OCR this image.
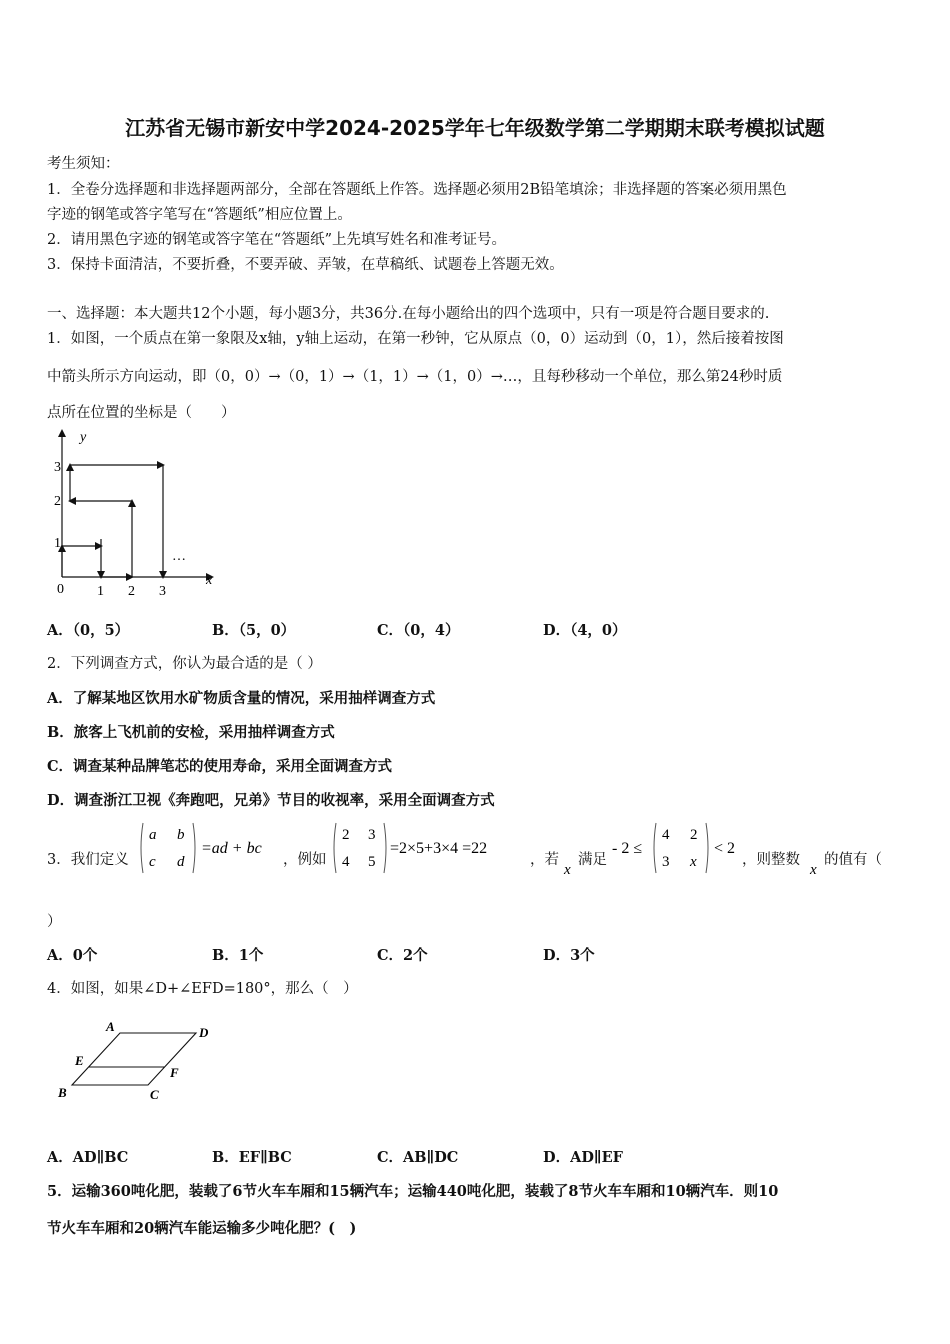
江苏省无锡市新安中学2024-2025学年七年级数学第二学期期末联考模拟试题
考生须知：
1．全卷分选择题和非选择题两部分，全部在答题纸上作答。选择题必须用2B铅笔填涂；非选择题的答案必须用黑色
字迹的钢笔或答字笔写在“答题纸”相应位置上。
2．请用黑色字迹的钢笔或答字笔在“答题纸”上先填写姓名和准考证号。
3．保持卡面清洁，不要折叠，不要弄破、弄皱，在草稿纸、试题卷上答题无效。
一、选择题：本大题共12个小题，每小题3分，共36分.在每小题给出的四个选项中，只有一项是符合题目要求的.
1．如图，一个质点在第一象限及x轴，y轴上运动，在第一秒钟，它从原点（0，0）运动到（0，1），然后接着按图
中箭头所示方向运动，即（0，0）→（0，1）→（1，1）→（1，0）→…，且每秒移动一个单位，那么第24秒时质
点所在位置的坐标是（　　）
y
x
0 1 2 3
1
2
3
…
A．（0，5）	B．（5，0）	C．（0，4）	D．（4，0）
2．下列调查方式，你认为最合适的是（ ）
A．了解某地区饮用水矿物质含量的情况，采用抽样调查方式
B．旅客上飞机前的安检，采用抽样调查方式
C．调查某种品牌笔芯的使用寿命，采用全面调查方式
D．调查浙江卫视《奔跑吧，兄弟》节目的收视率，采用全面调查方式
3．我们定义
a b
c d
=ad + bc
，例如
2 3
4 5
=2×5+3×4 =22
，若
x
满足
- 2 ≤
4 2
3 x
< 2
，则整数
x
的值有（
）
A．0个	B．1个	C．2个	D．3个
4．如图，如果∠D+∠EFD=180°，那么（　）
A	D
E
F
B	C
A．AD∥BC	B．EF∥BC	C．AB∥DC	D．AD∥EF
5．运输360吨化肥，装载了6节火车车厢和15辆汽车；运输440吨化肥，装载了8节火车车厢和10辆汽车．则10
节火车车厢和20辆汽车能运输多少吨化肥？(　)
